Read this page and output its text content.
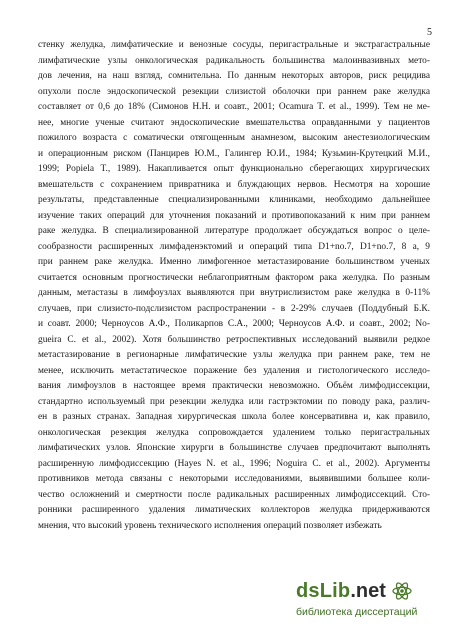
5
стенку желудка, лимфатические и венозные сосуды, перигастральные и экстрагастральные
лимфатические узлы онкологическая радикальность большинства малоинвазивных мето-
дов лечения, на наш взгляд, сомнительна. По данным некоторых авторов, риск рецидива
опухоли после эндоскопической резекции слизистой оболочки при раннем раке желудка
составляет от 0,6 до 18% (Симонов Н.Н. и соавт., 2001; Ocamura T. et al., 1999). Тем не ме-
нее, многие ученые считают эндоскопические вмешательства оправданными у пациентов
пожилого возраста с соматически отягощенным анамнезом, высоким анестезиологическим
и операционным риском (Панцирев Ю.М., Галингер Ю.И., 1984; Кузьмин-Крутецкий М.И.,
1999; Popiela T., 1989). Накапливается опыт функционально сберегающих хирургических
вмешательств с сохранением привратника и блуждающих нервов. Несмотря на хорошие
результаты, представленные специализированными клиниками, необходимо дальнейшее
изучение таких операций для уточнения показаний и противопоказаний к ним при раннем
раке желудка. В специализированной литературе продолжает обсуждаться вопрос о целе-
сообразности расширенных лимфаденэктомий и операций типа D1+no.7, D1+no.7, 8 а, 9
при раннем раке желудка. Именно лимфогенное метастазирование большинством ученых
считается основным прогностически неблагоприятным фактором рака желудка. По разным
данным, метастазы в лимфоузлах выявляются при внутрислизистом раке желудка в 0-11%
случаев, при слизисто-подслизистом распространении - в 2-29% случаев (Поддубный Б.К.
и соавт. 2000; Черноусов А.Ф., Поликарпов С.А., 2000; Черноусов А.Ф. и соавт., 2002; No-
gueira C. et al., 2002). Хотя большинство ретроспективных исследований выявили редкое
метастазирование в регионарные лимфатические узлы желудка при раннем раке, тем не
менее, исключить метастатическое поражение без удаления и гистологического исследо-
вания лимфоузлов в настоящее время практически невозможно. Объём лимфодиссекции,
стандартно используемый при резекции желудка или гастрэктомии по поводу рака, различ-
ен в разных странах. Западная хирургическая школа более консервативна и, как правило,
онкологическая резекция желудка сопровождается удалением только перигастральных
лимфатических узлов. Японские хирурги в большинстве случаев предпочитают выполнять
расширенную лимфодиссекцию (Hayes N. et al., 1996; Noguira C. et al., 2002). Аргументы
противников метода связаны с некоторыми исследованиями, выявившими большее коли-
чество осложнений и смертности после радикальных расширенных лимфодиссекций. Сто-
ронники расширенного удаления лиматических коллекторов желудка придерживаются
мнения, что высокий уровень технического исполнения операций позволяет избежать
dsLib .net
библиотека диссертаций
